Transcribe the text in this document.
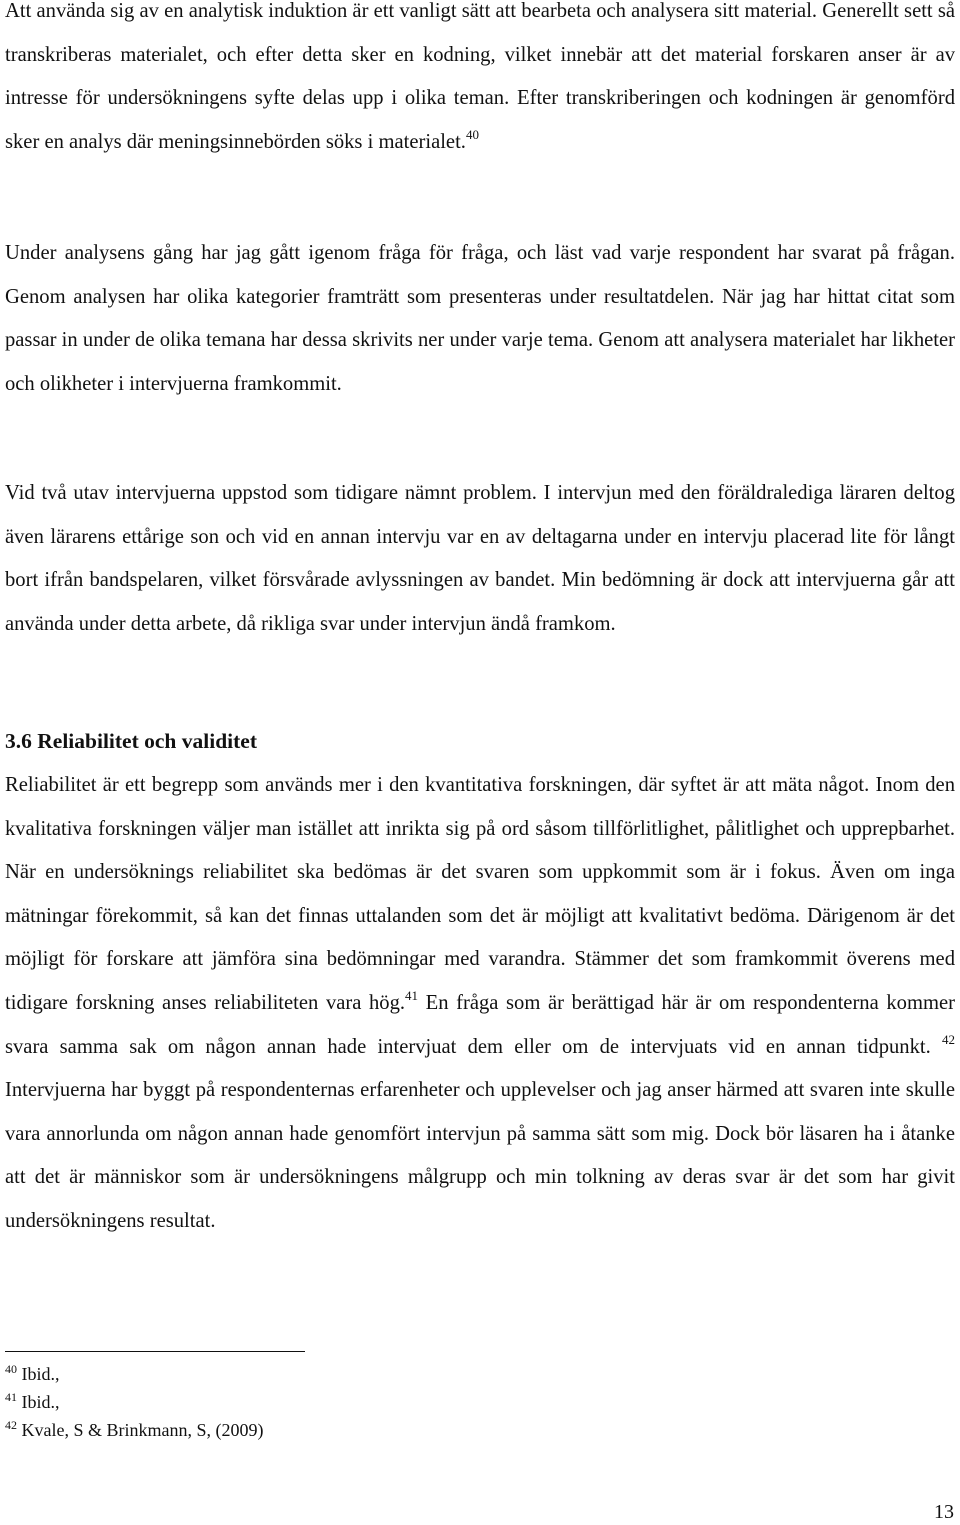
Att använda sig av en analytisk induktion är ett vanligt sätt att bearbeta och analysera sitt material. Generellt sett så transkriberas materialet, och efter detta sker en kodning, vilket innebär att det material forskaren anser är av intresse för undersökningens syfte delas upp i olika teman. Efter transkriberingen och kodningen är genomförd sker en analys där meningsinnebörden söks i materialet.$^{40}$

Under analysens gång har jag gått igenom fråga för fråga, och läst vad varje respondent har svarat på frågan. Genom analysen har olika kategorier framträtt som presenteras under resultatdelen. När jag har hittat citat som passar in under de olika temana har dessa skrivits ner under varje tema. Genom att analysera materialet har likheter och olikheter i intervjuerna framkommit.

Vid två utav intervjuerna uppstod som tidigare nämnt problem. I intervjun med den föräldralediga läraren deltog även lärarens ettårige son och vid en annan intervju var en av deltagarna under en intervju placerad lite för långt bort ifrån bandspelaren, vilket försvårade avlyssningen av bandet. Min bedömning är dock att intervjuerna går att använda under detta arbete, då rikliga svar under intervjun ändå framkom.

3.6 Reliabilitet och validitet

Reliabilitet är ett begrepp som används mer i den kvantitativa forskningen, där syftet är att mäta något. Inom den kvalitativa forskningen väljer man istället att inrikta sig på ord såsom tillförlitlighet, pålitlighet och upprepbarhet. När en undersöknings reliabilitet ska bedömas är det svaren som uppkommit som är i fokus. Även om inga mätningar förekommit, så kan det finnas uttalanden som det är möjligt att kvalitativt bedöma. Därigenom är det möjligt för forskare att jämföra sina bedömningar med varandra. Stämmer det som framkommit överens med tidigare forskning anses reliabiliteten vara hög.$^{41}$ En fråga som är berättigad här är om respondenterna kommer svara samma sak om någon annan hade intervjuat dem eller om de intervjuats vid en annan tidpunkt. $^{42}$ Intervjuerna har byggt på respondenternas erfarenheter och upplevelser och jag anser härmed att svaren inte skulle vara annorlunda om någon annan hade genomfört intervjun på samma sätt som mig. Dock bör läsaren ha i åtanke att det är människor som är undersökningens målgrupp och min tolkning av deras svar är det som har givit undersökningens resultat.

$^{40}$ Ibid.,
$^{41}$ Ibid.,
$^{42}$ Kvale, S & Brinkmann, S, (2009)
13
